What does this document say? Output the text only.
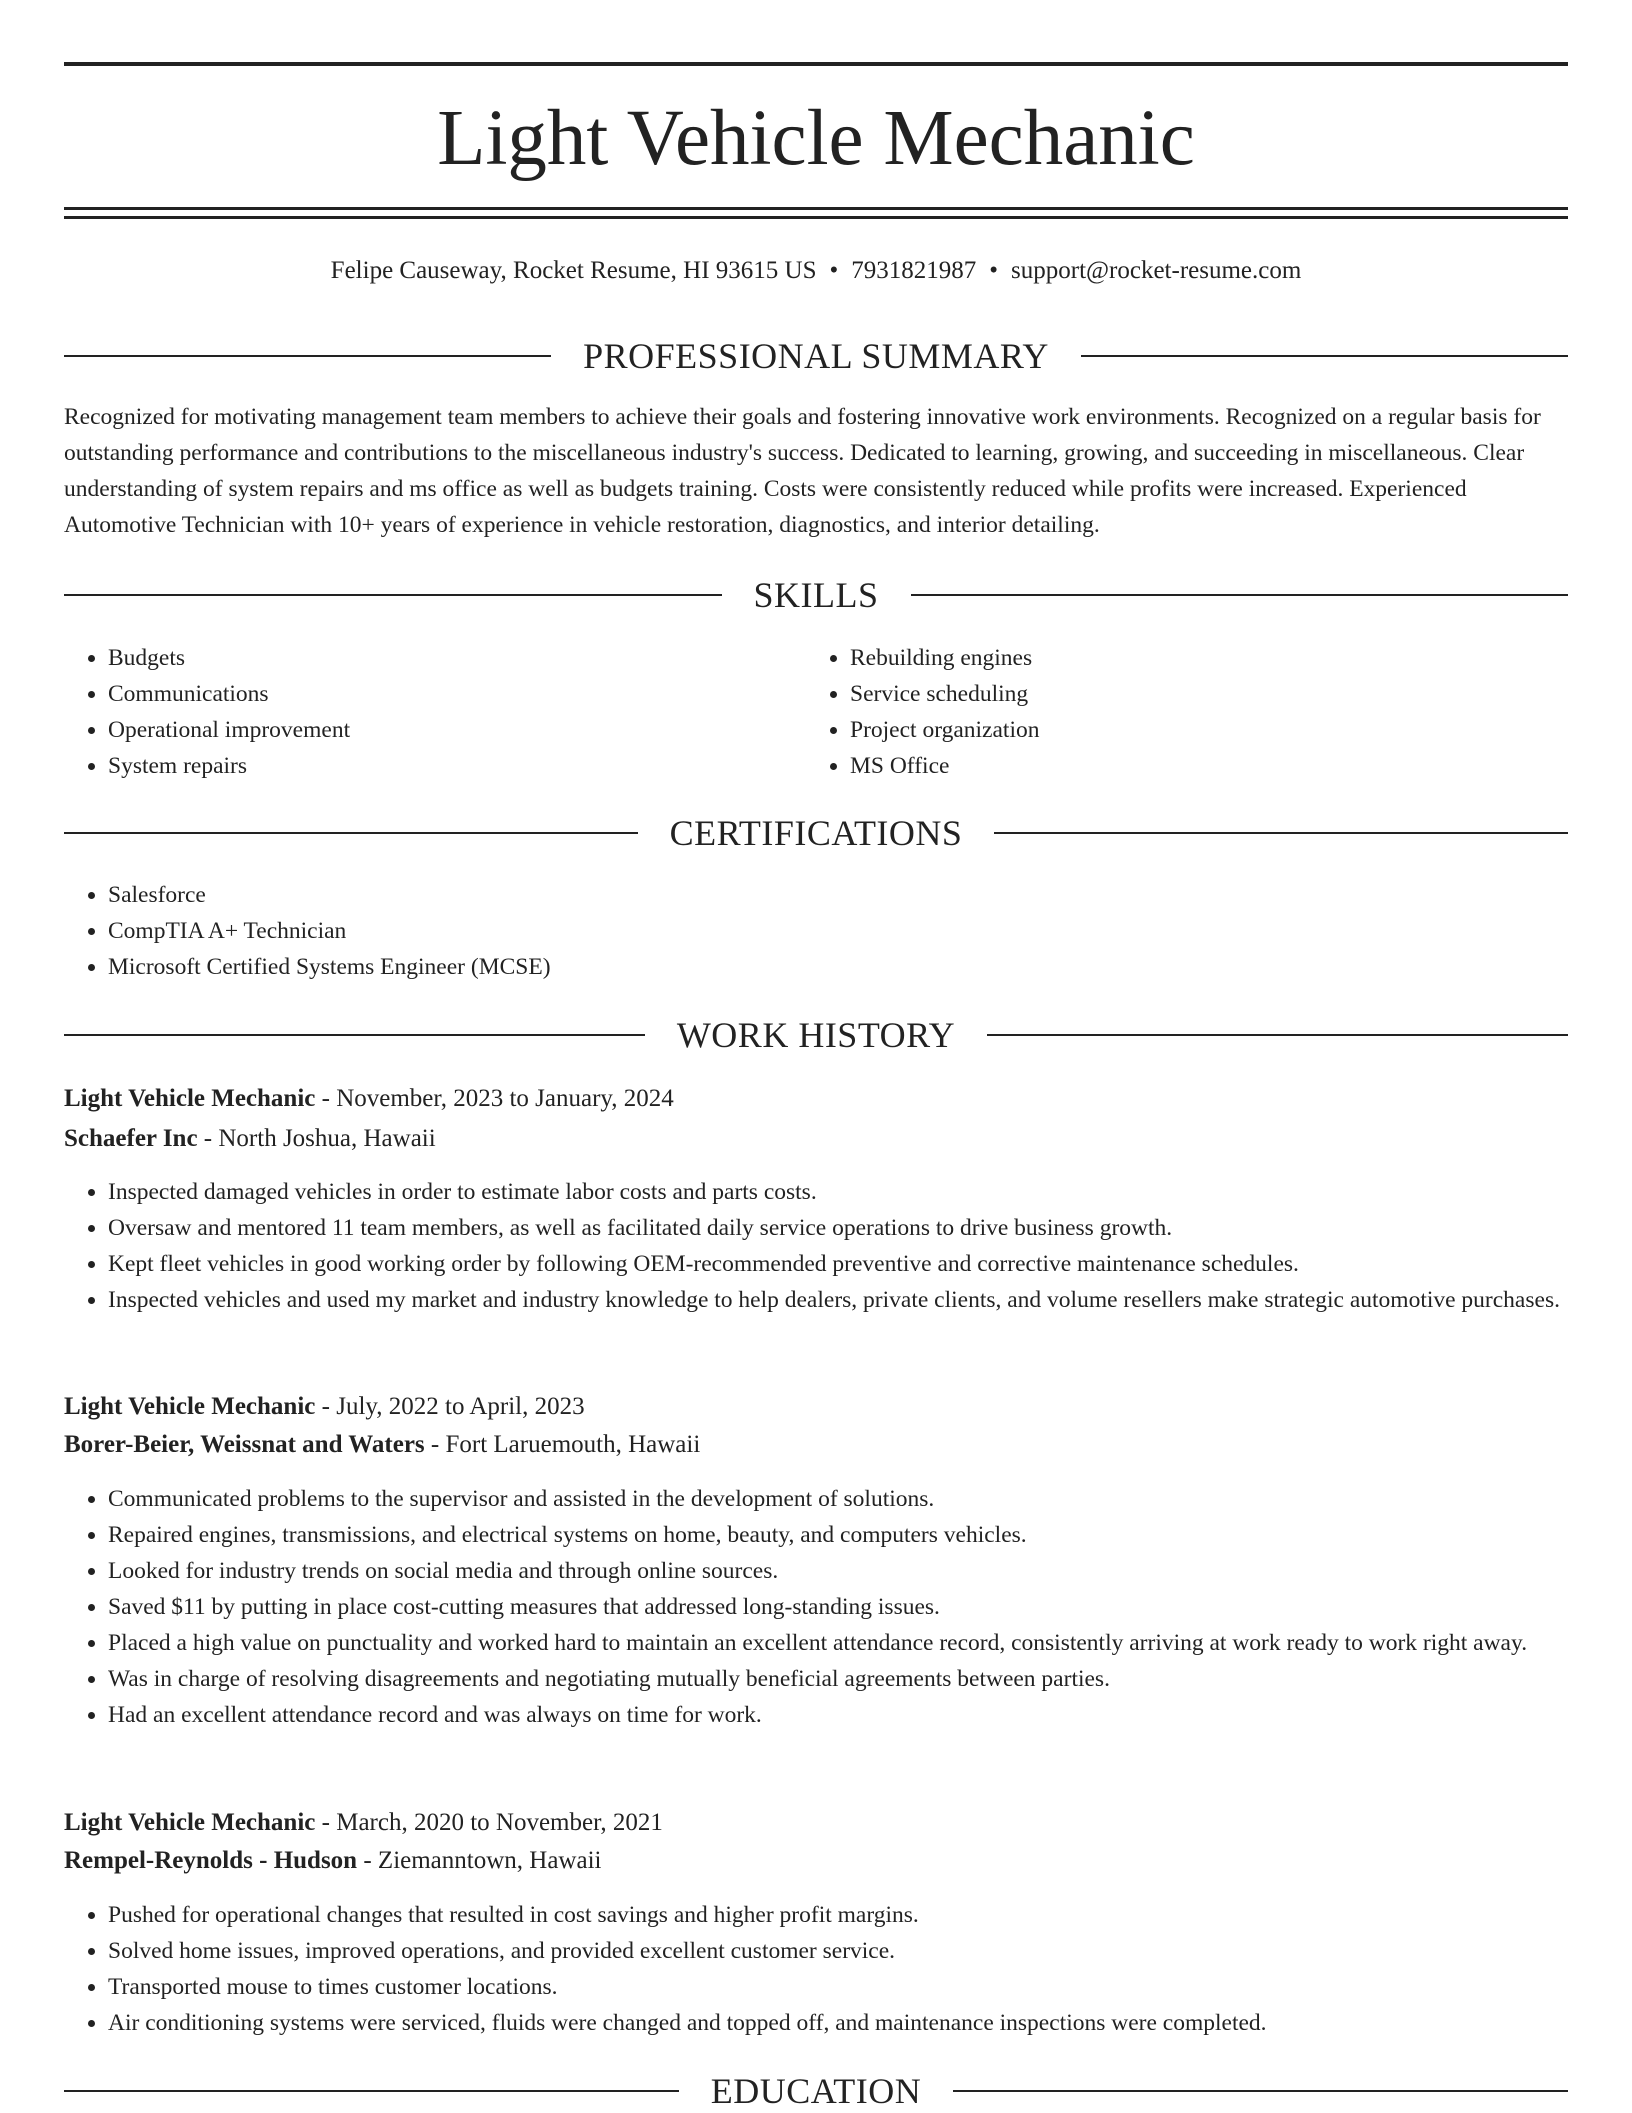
Light Vehicle Mechanic
Felipe Causeway, Rocket Resume, HI 93615 US • 7931821987 • support@rocket-resume.com
PROFESSIONAL SUMMARY

Recognized for motivating management team members to achieve their goals and fostering innovative work environments. Recognized on a regular basis for outstanding performance and contributions to the miscellaneous industry's success. Dedicated to learning, growing, and succeeding in miscellaneous. Clear understanding of system repairs and ms office as well as budgets training. Costs were consistently reduced while profits were increased. Experienced Automotive Technician with 10+ years of experience in vehicle restoration, diagnostics, and interior detailing.

SKILLS
• Budgets
• Communications
• Operational improvement
• System repairs
• Rebuilding engines
• Service scheduling
• Project organization
• MS Office
CERTIFICATIONS
• Salesforce
• CompTIA A+ Technician
• Microsoft Certified Systems Engineer (MCSE)
WORK HISTORY

Light Vehicle Mechanic - November, 2023 to January, 2024

Schaefer Inc - North Joshua, Hawaii

• Inspected damaged vehicles in order to estimate labor costs and parts costs.
• Oversaw and mentored 11 team members, as well as facilitated daily service operations to drive business growth.
• Kept fleet vehicles in good working order by following OEM-recommended preventive and corrective maintenance schedules.
• Inspected vehicles and used my market and industry knowledge to help dealers, private clients, and volume resellers make strategic automotive purchases.

Light Vehicle Mechanic - July, 2022 to April, 2023

Borer-Beier, Weissnat and Waters - Fort Laruemouth, Hawaii

• Communicated problems to the supervisor and assisted in the development of solutions.
• Repaired engines, transmissions, and electrical systems on home, beauty, and computers vehicles.
• Looked for industry trends on social media and through online sources.
• Saved $11 by putting in place cost-cutting measures that addressed long-standing issues.
• Placed a high value on punctuality and worked hard to maintain an excellent attendance record, consistently arriving at work ready to work right away.
• Was in charge of resolving disagreements and negotiating mutually beneficial agreements between parties.
• Had an excellent attendance record and was always on time for work.

Light Vehicle Mechanic - March, 2020 to November, 2021

Rempel-Reynolds - Hudson - Ziemanntown, Hawaii

• Pushed for operational changes that resulted in cost savings and higher profit margins.
• Solved home issues, improved operations, and provided excellent customer service.
• Transported mouse to times customer locations.
• Air conditioning systems were serviced, fluids were changed and topped off, and maintenance inspections were completed.
EDUCATION
